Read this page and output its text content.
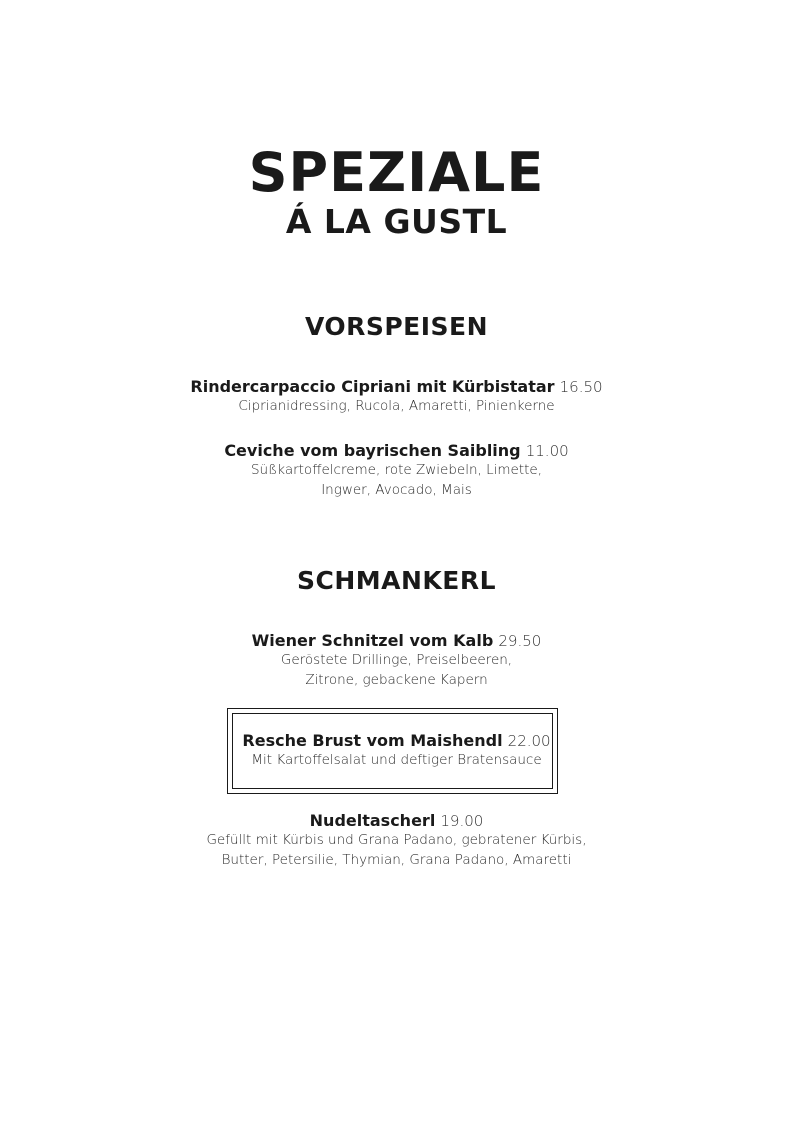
SPEZIALE
Á LA GUSTL
VORSPEISEN
Rindercarpaccio Cipriani mit Kürbistatar 16.50
Ciprianidressing, Rucola, Amaretti, Pinienkerne
Ceviche vom bayrischen Saibling 11.00
Süßkartoffelcreme, rote Zwiebeln, Limette,
Ingwer, Avocado, Mais
SCHMANKERL
Wiener Schnitzel vom Kalb 29.50
Geröstete Drillinge, Preiselbeeren,
Zitrone, gebackene Kapern
Resche Brust vom Maishendl 22.00
Mit Kartoffelsalat und deftiger Bratensauce
Nudeltascherl 19.00
Gefüllt mit Kürbis und Grana Padano, gebratener Kürbis,
Butter, Petersilie, Thymian, Grana Padano, Amaretti
